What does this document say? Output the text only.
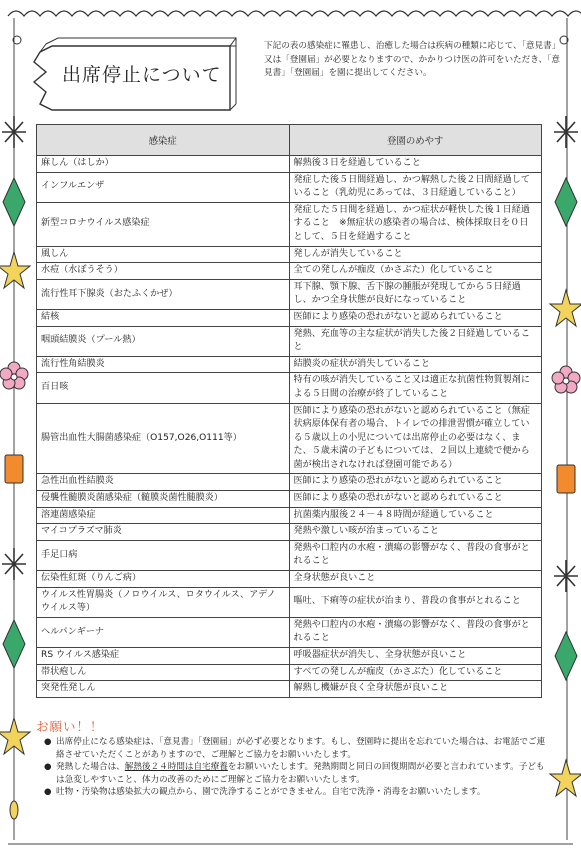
出席停止について
下記の表の感染症に罹患し、治癒した場合は疾病の種類に応じて、「意見書」又は「登園届」が必要となりますので、かかりつけ医の許可をいただき、「意見書」「登園届」を園に提出してください。
感染症	登園のめやす
麻しん（はしか）	解熱後３日を経過していること
インフルエンザ	発症した後５日間経過し、かつ解熱した後２日間経過していること（乳幼児にあっては、３日経過していること）
新型コロナウイルス感染症	発症した５日間を経過し、かつ症状が軽快した後１日経過すること　※無症状の感染者の場合は、検体採取日を０日として、５日を経過すること
風しん	発しんが消失していること
水痘（水ぼうそう）	全ての発しんが痂皮（かさぶた）化していること
流行性耳下腺炎（おたふくかぜ）	耳下腺、顎下腺、舌下腺の腫脹が発現してから５日経過し、かつ全身状態が良好になっていること
結核	医師により感染の恐れがないと認められていること
咽頭結膜炎（プール熱）	発熱、充血等の主な症状が消失した後２日経過していること
流行性角結膜炎	結膜炎の症状が消失していること
百日咳	特有の咳が消失していること又は適正な抗菌性物質製剤による５日間の治療が終了していること
腸管出血性大腸菌感染症（O157,O26,O111等）	医師により感染の恐れがないと認められていること（無症状病原体保有者の場合、トイレでの排泄習慣が確立している５歳以上の小児については出席停止の必要はなく、また、５歳未満の子どもについては、２回以上連続で便から菌が検出されなければ登園可能である）
急性出血性結膜炎	医師により感染の恐れがないと認められていること
侵襲性髄膜炎菌感染症（髄膜炎菌性髄膜炎）	医師により感染の恐れがないと認められていること
溶連菌感染症	抗菌薬内服後２４－４８時間が経過していること
マイコプラズマ肺炎	発熱や激しい咳が治まっていること
手足口病	発熱や口腔内の水疱・潰瘍の影響がなく、普段の食事がとれること
伝染性紅斑（りんご病）	全身状態が良いこと
ウイルス性胃腸炎（ノロウイルス、ロタウイルス、アデノウイルス等）	嘔吐、下痢等の症状が治まり、普段の食事がとれること
ヘルパンギーナ	発熱や口腔内の水疱・潰瘍の影響がなく、普段の食事がとれること
RS ウイルス感染症	呼吸器症状が消失し、全身状態が良いこと
帯状疱しん	すべての発しんが痂皮（かさぶた）化していること
突発性発しん	解熱し機嫌が良く全身状態が良いこと
お願い！！
● 出席停止になる感染症は、「意見書」「登園届」が必ず必要となります。もし、登園時に提出を忘れていた場合は、お電話でご連絡させていただくことがありますので、ご理解とご協力をお願いいたします。
● 発熱した場合は、解熱後２４時間は自宅療養をお願いいたします。発熱期間と同日の回復期間が必要と言われています。子どもは急変しやすいこと、体力の改善のためにご理解とご協力をお願いいたします。
● 吐物・汚染物は感染拡大の観点から、園で洗浄することができません。自宅で洗浄・消毒をお願いいたします。
